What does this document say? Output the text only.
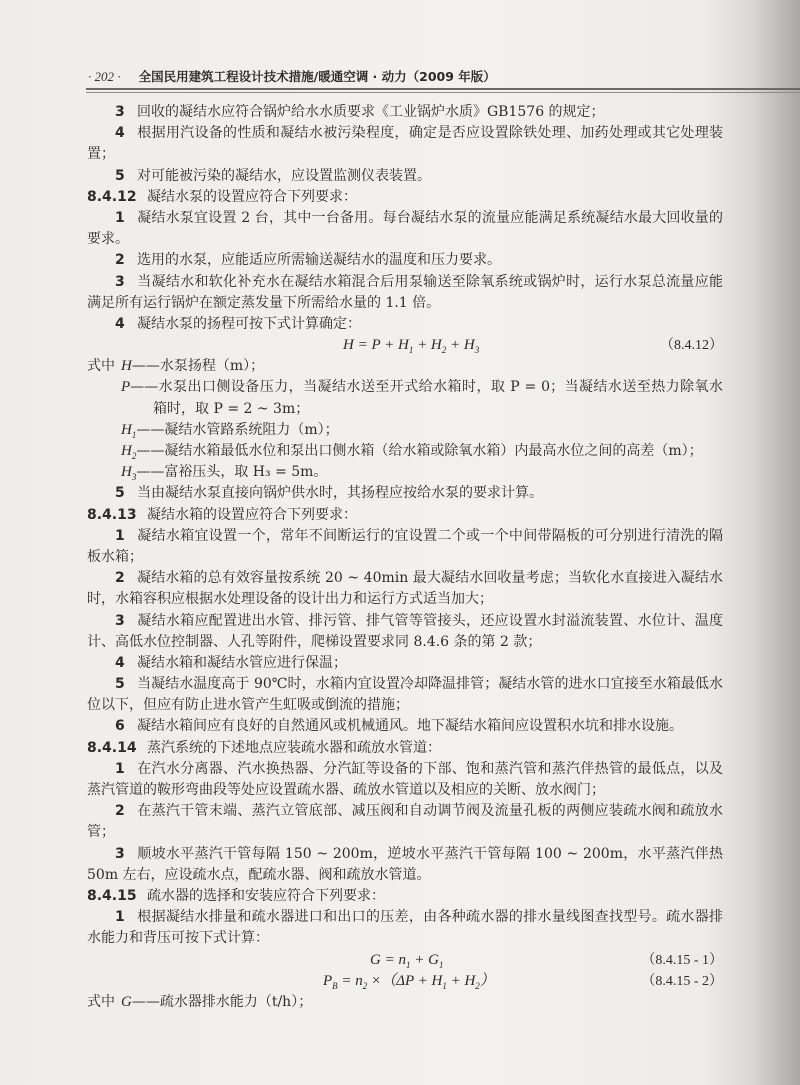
· 202 · 全国民用建筑工程设计技术措施/暖通空调 · 动力（2009 年版）
3 回收的凝结水应符合锅炉给水水质要求《工业锅炉水质》GB1576 的规定；
4 根据用汽设备的性质和凝结水被污染程度，确定是否应设置除铁处理、加药处理或其它处理装
置；
5 对可能被污染的凝结水，应设置监测仪表装置。
8.4.12 凝结水泵的设置应符合下列要求：
1 凝结水泵宜设置 2 台，其中一台备用。每台凝结水泵的流量应能满足系统凝结水最大回收量的
要求。
2 选用的水泵，应能适应所需输送凝结水的温度和压力要求。
3 当凝结水和软化补充水在凝结水箱混合后用泵输送至除氧系统或锅炉时，运行水泵总流量应能
满足所有运行锅炉在额定蒸发量下所需给水量的 1.1 倍。
4 凝结水泵的扬程可按下式计算确定：
$H = P + H_1 + H_2 + H_3$	（8.4.12）
式中 H——水泵扬程（m）；
P——水泵出口侧设备压力，当凝结水送至开式给水箱时，取 P = 0；当凝结水送至热力除氧水
箱时，取 P = 2 ~ 3m；
$H_1——$凝结水管路系统阻力（m）；
$H_2——$凝结水箱最低水位和泵出口侧水箱（给水箱或除氧水箱）内最高水位之间的高差（m）；
$H_3——$富裕压头，取 H₃ = 5m。
5 当由凝结水泵直接向锅炉供水时，其扬程应按给水泵的要求计算。
8.4.13 凝结水箱的设置应符合下列要求：
1 凝结水箱宜设置一个，常年不间断运行的宜设置二个或一个中间带隔板的可分别进行清洗的隔
板水箱；
2 凝结水箱的总有效容量按系统 20 ~ 40min 最大凝结水回收量考虑；当软化水直接进入凝结水
时，水箱容积应根据水处理设备的设计出力和运行方式适当加大；
3 凝结水箱应配置进出水管、排污管、排气管等管接头，还应设置水封溢流装置、水位计、温度
计、高低水位控制器、人孔等附件，爬梯设置要求同 8.4.6 条的第 2 款；
4 凝结水箱和凝结水管应进行保温；
5 当凝结水温度高于 90℃时，水箱内宜设置冷却降温排管；凝结水管的进水口宜接至水箱最低水
位以下，但应有防止进水管产生虹吸或倒流的措施；
6 凝结水箱间应有良好的自然通风或机械通风。地下凝结水箱间应设置积水坑和排水设施。
8.4.14 蒸汽系统的下述地点应装疏水器和疏放水管道：
1 在汽水分离器、汽水换热器、分汽缸等设备的下部、饱和蒸汽管和蒸汽伴热管的最低点，以及
蒸汽管道的鞍形弯曲段等处应设置疏水器、疏放水管道以及相应的关断、放水阀门；
2 在蒸汽干管末端、蒸汽立管底部、减压阀和自动调节阀及流量孔板的两侧应装疏水阀和疏放水
管；
3 顺坡水平蒸汽干管每隔 150 ~ 200m，逆坡水平蒸汽干管每隔 100 ~ 200m，水平蒸汽伴热
50m 左右，应设疏水点，配疏水器、阀和疏放水管道。
8.4.15 疏水器的选择和安装应符合下列要求：
1 根据凝结水排量和疏水器进口和出口的压差，由各种疏水器的排水量线图查找型号。疏水器排
水能力和背压可按下式计算：
$G = n_1 + G_1$	（8.4.15 - 1）
$P_B = n_2 \times(\Delta P + H_1 + H_2)$	（8.4.15 - 2）
式中 G——疏水器排水能力（t/h）；
